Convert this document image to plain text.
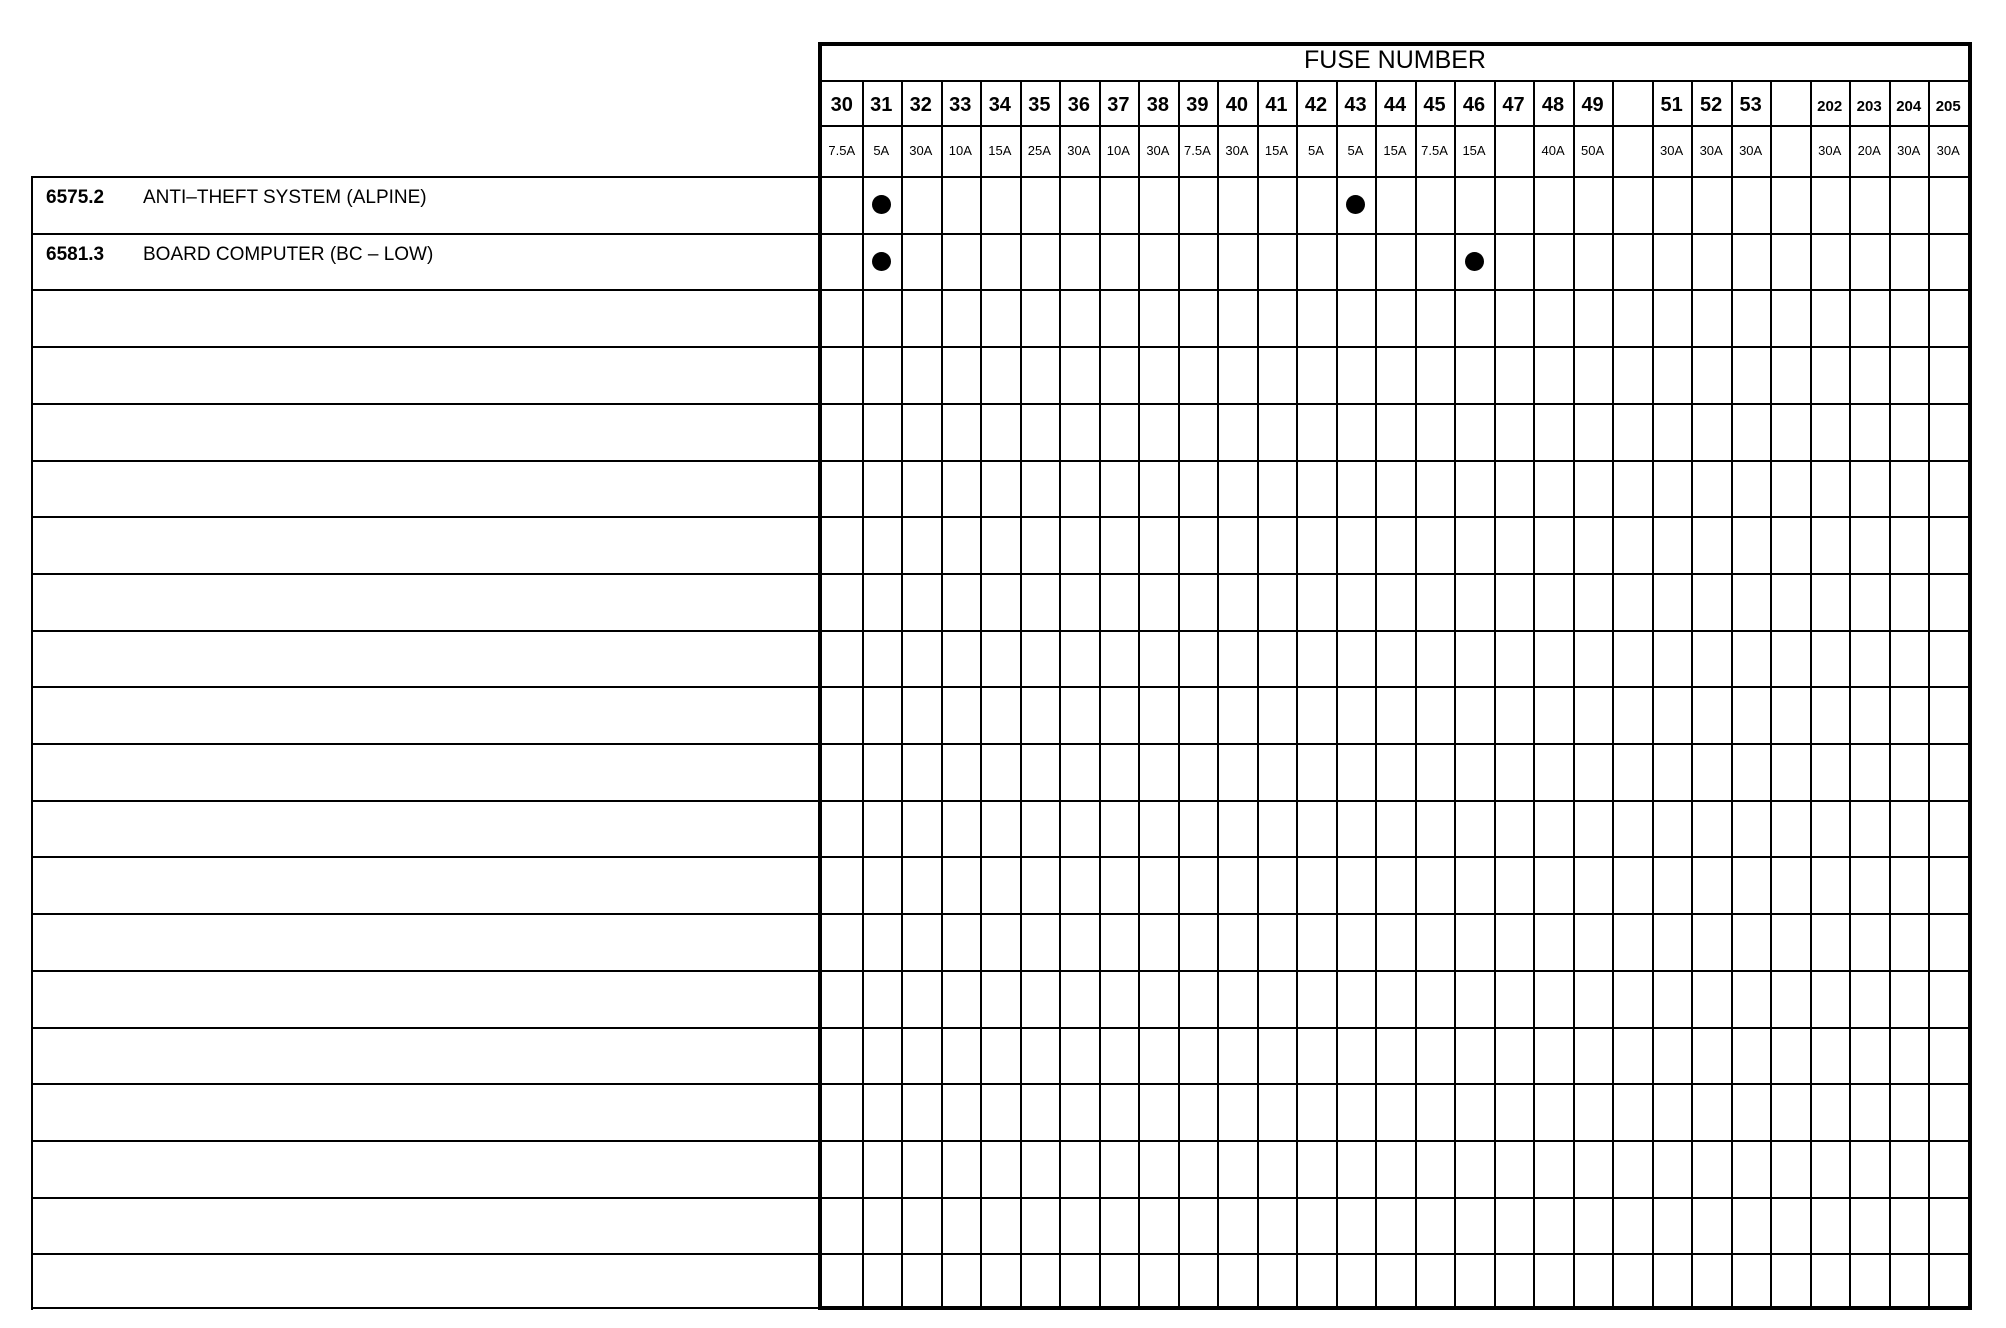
6575.2 ANTI–THEFT SYSTEM (ALPINE)
6581.3 BOARD COMPUTER (BC – LOW)
FUSE NUMBER
30
7.5A
31
5A
32
30A
33
10A
34
15A
35
25A
36
30A
37
10A
38
30A
39
7.5A
40
30A
41
15A
42
5A
43
5A
44
15A
45
7.5A
46
15A
47 48
40A
49
50A
51
30A
52
30A
53
30A
202
30A
203
20A
204
30A
205
30A
